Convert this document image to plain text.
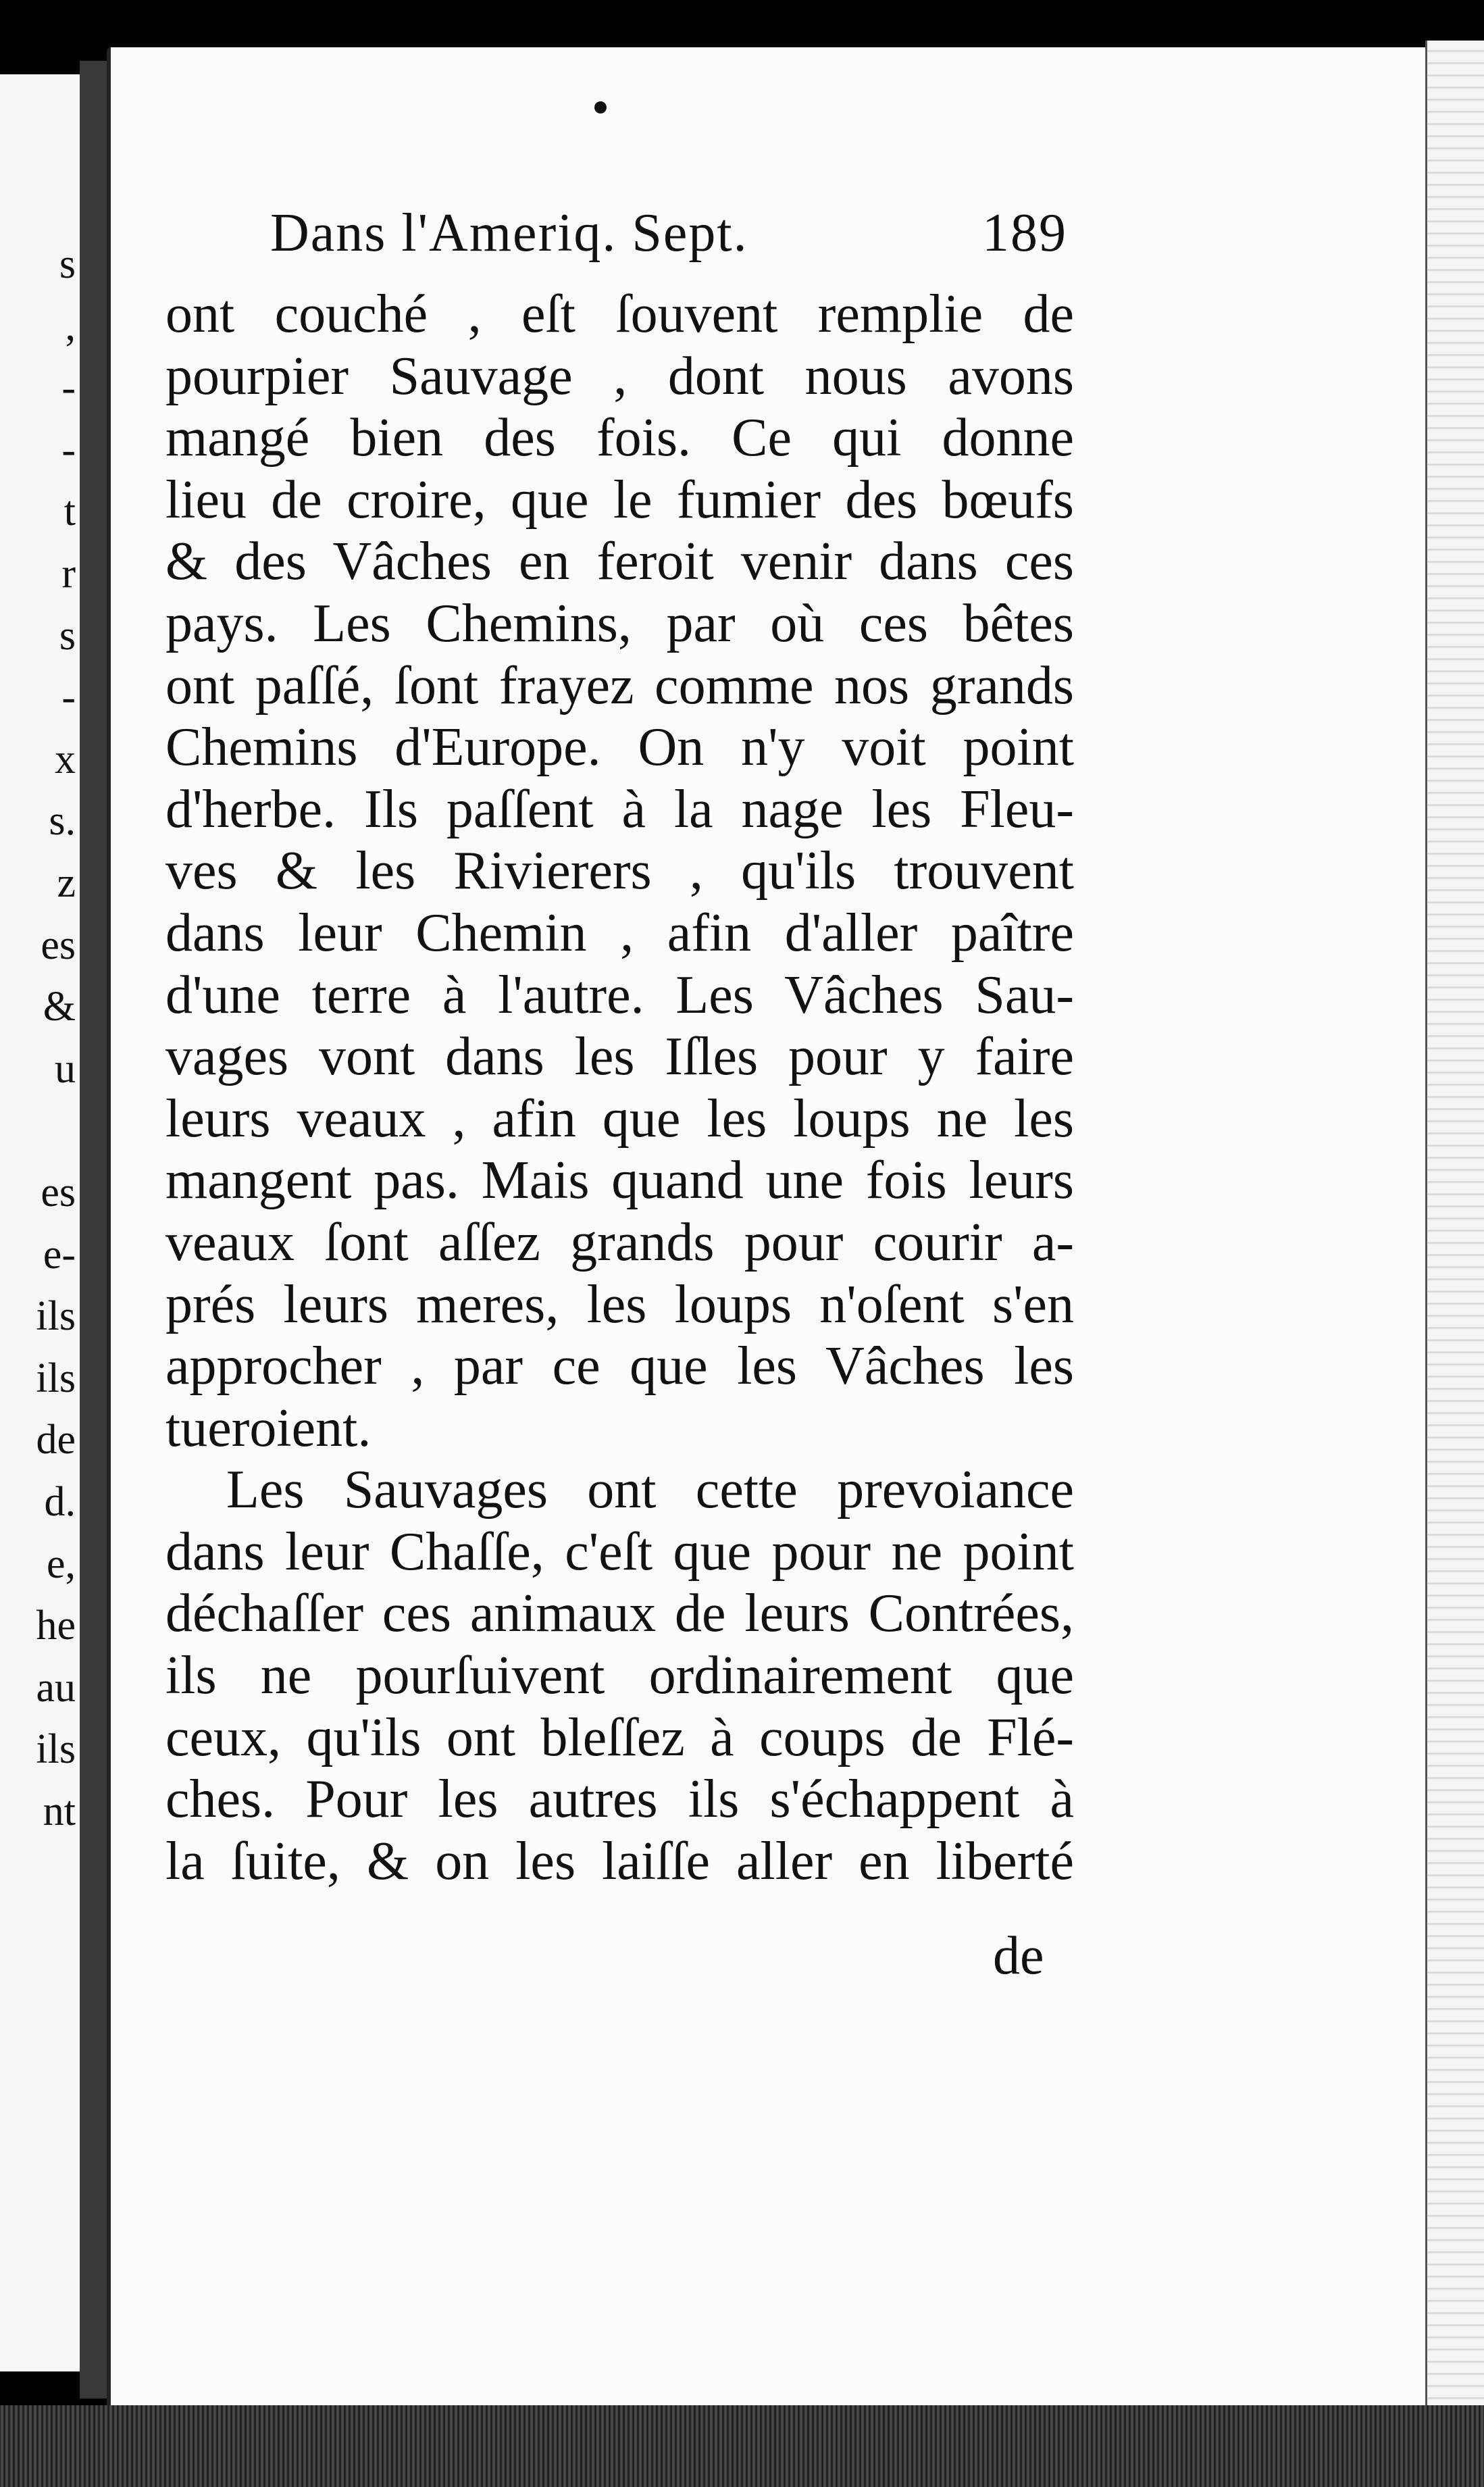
s
,
-
-
t
r
s
-
x
s.
z
es
&
u
es
e-
ils
ils
de
d.
e,
he
au
ils
nt
Dans l'Ameriq. Sept.	189
ont couché , eſt ſouvent remplie de
pourpier Sauvage , dont nous avons
mangé bien des fois. Ce qui donne
lieu de croire, que le fumier des bœufs
& des Vâches en feroit venir dans ces
pays. Les Chemins, par où ces bêtes
ont paſſé, ſont frayez comme nos grands
Chemins d'Europe. On n'y voit point
d'herbe. Ils paſſent à la nage les Fleu-
ves & les Rivierers , qu'ils trouvent
dans leur Chemin , afin d'aller paître
d'une terre à l'autre. Les Vâches Sau-
vages vont dans les Iſles pour y faire
leurs veaux , afin que les loups ne les
mangent pas. Mais quand une fois leurs
veaux ſont aſſez grands pour courir a-
prés leurs meres, les loups n'oſent s'en
approcher , par ce que les Vâches les
tueroient.
Les Sauvages ont cette prevoiance
dans leur Chaſſe, c'eſt que pour ne point
déchaſſer ces animaux de leurs Contrées,
ils ne pourſuivent ordinairement que
ceux, qu'ils ont bleſſez à coups de Flé-
ches. Pour les autres ils s'échappent à
la ſuite, & on les laiſſe aller en liberté
de
